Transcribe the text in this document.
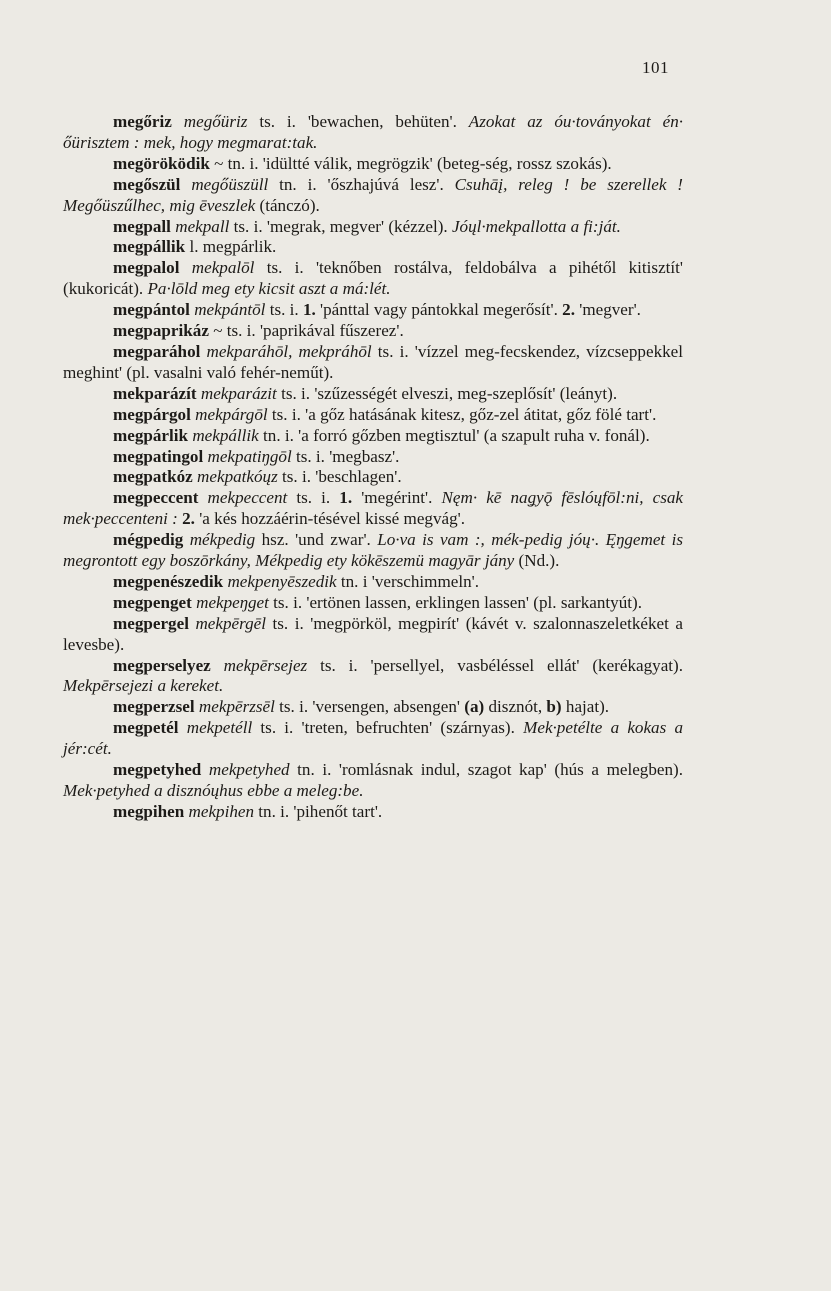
101

megőriz megőüriz ts. i. 'bewachen, behüten'. Azokat az óu·toványokat én· őürisztem : mek, hogy megmarat:tak.

megöröködik ~ tn. i. 'idültté válik, megrögzik' (beteg-ség, rossz szokás).

megőszül megőüszüll tn. i. 'őszhajúvá lesz'. Csuhāį, releg ! be szerellek ! Megőüszűlhec, mig ēveszlek (tánczó).

megpall mekpall ts. i. 'megrak, megver' (kézzel). Jóųl·mekpallotta a fi:ját.

megpállik l. megpárlik.

megpalol mekpalōl ts. i. 'teknőben rostálva, feldobálva a pihétől kitisztít' (kukoricát). Pa·lōld meg ety kicsit aszt a má:lét.

megpántol mekpántōl ts. i. 1. 'pánttal vagy pántokkal megerősít'. 2. 'megver'.

megpaprikáz ~ ts. i. 'paprikával fűszerez'.

megparáhol mekparáhōl, mekpráhōl ts. i. 'vízzel meg-fecskendez, vízcseppekkel meghint' (pl. vasalni való fehér-neműt).

mekparázít mekparázit ts. i. 'szűzességét elveszi, meg-szeplősít' (leányt).

megpárgol mekpárgōl ts. i. 'a gőz hatásának kitesz, gőz-zel átitat, gőz fölé tart'.

megpárlik mekpállik tn. i. 'a forró gőzben megtisztul' (a szapult ruha v. fonál).

megpatingol mekpatiŋgōl ts. i. 'megbasz'.

megpatkóz mekpatkóųz ts. i. 'beschlagen'.

megpeccent mekpeccent ts. i. 1. 'megérint'. Nęm· kē naǥyǭ fēslóųfōl:ni, csak mek·peccenteni : 2. 'a kés hozzáérin-tésével kissé megvág'.

mégpedig mékpedig hsz. 'und zwar'. Lo·va is vam :, mék-pedig jóų·. Ęŋgemet is megrontott egy boszōrkány, Mékpedig ety kökēszemü magyār jány (Nd.).

megpenészedik mekpenyēszedik tn. i 'verschimmeln'.

megpenget mekpeŋget ts. i. 'ertönen lassen, erklingen lassen' (pl. sarkantyút).

megpergel mekpērgēl ts. i. 'megpörköl, megpirít' (kávét v. szalonnaszeletkéket a levesbe).

megperselyez mekpērsejez ts. i. 'persellyel, vasbéléssel ellát' (kerékagyat). Mekpērsejezi a kereket.

megperzsel mekpērzsēl ts. i. 'versengen, absengen' (a) disznót, b) hajat).

megpetél mekpetéll ts. i. 'treten, befruchten' (szárnyas). Mek·petélte a kokas a jér:cét.

megpetyhed mekpetyhed tn. i. 'romlásnak indul, szagot kap' (hús a melegben). Mek·petyhed a disznóųhus ebbe a meleg:be.

megpihen mekpihen tn. i. 'pihenőt tart'.
